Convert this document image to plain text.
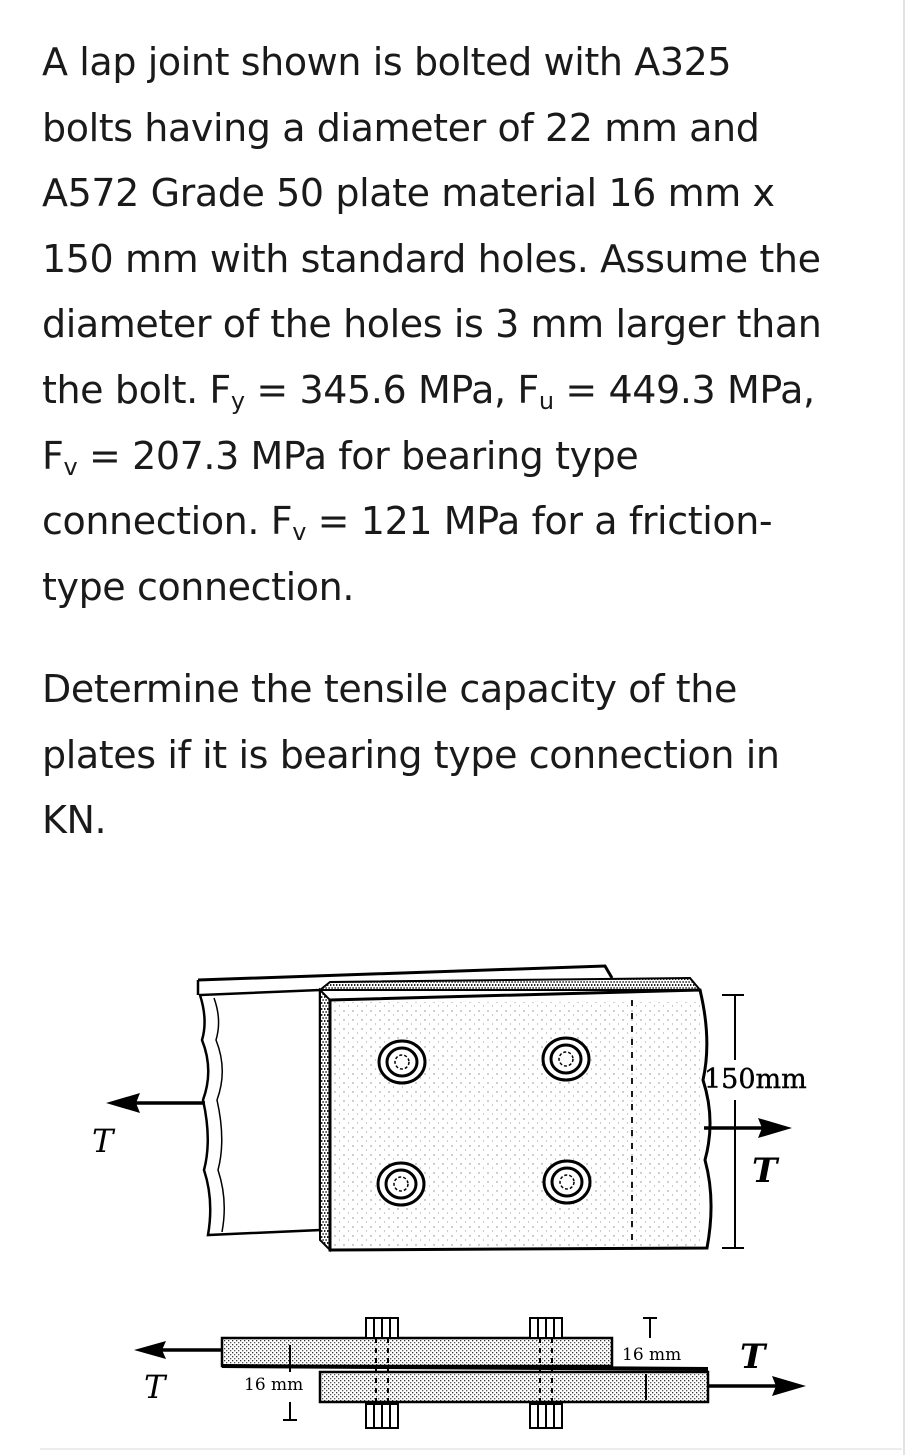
A lap joint shown is bolted with A325
bolts having a diameter of 22 mm and
A572 Grade 50 plate material 16 mm x
150 mm with standard holes. Assume the
diameter of the holes is 3 mm larger than
the bolt. $F_y = 345.6$ MPa, $F_u = 449.3$ MPa,
$F_v = 207.3$ MPa for bearing type
connection. $F_v = 121$ MPa for a friction-
type connection.
Determine the tensile capacity of the
plates if it is bearing type connection in
KN.
150mm
T
T
16 mm
16 mm
T
T
